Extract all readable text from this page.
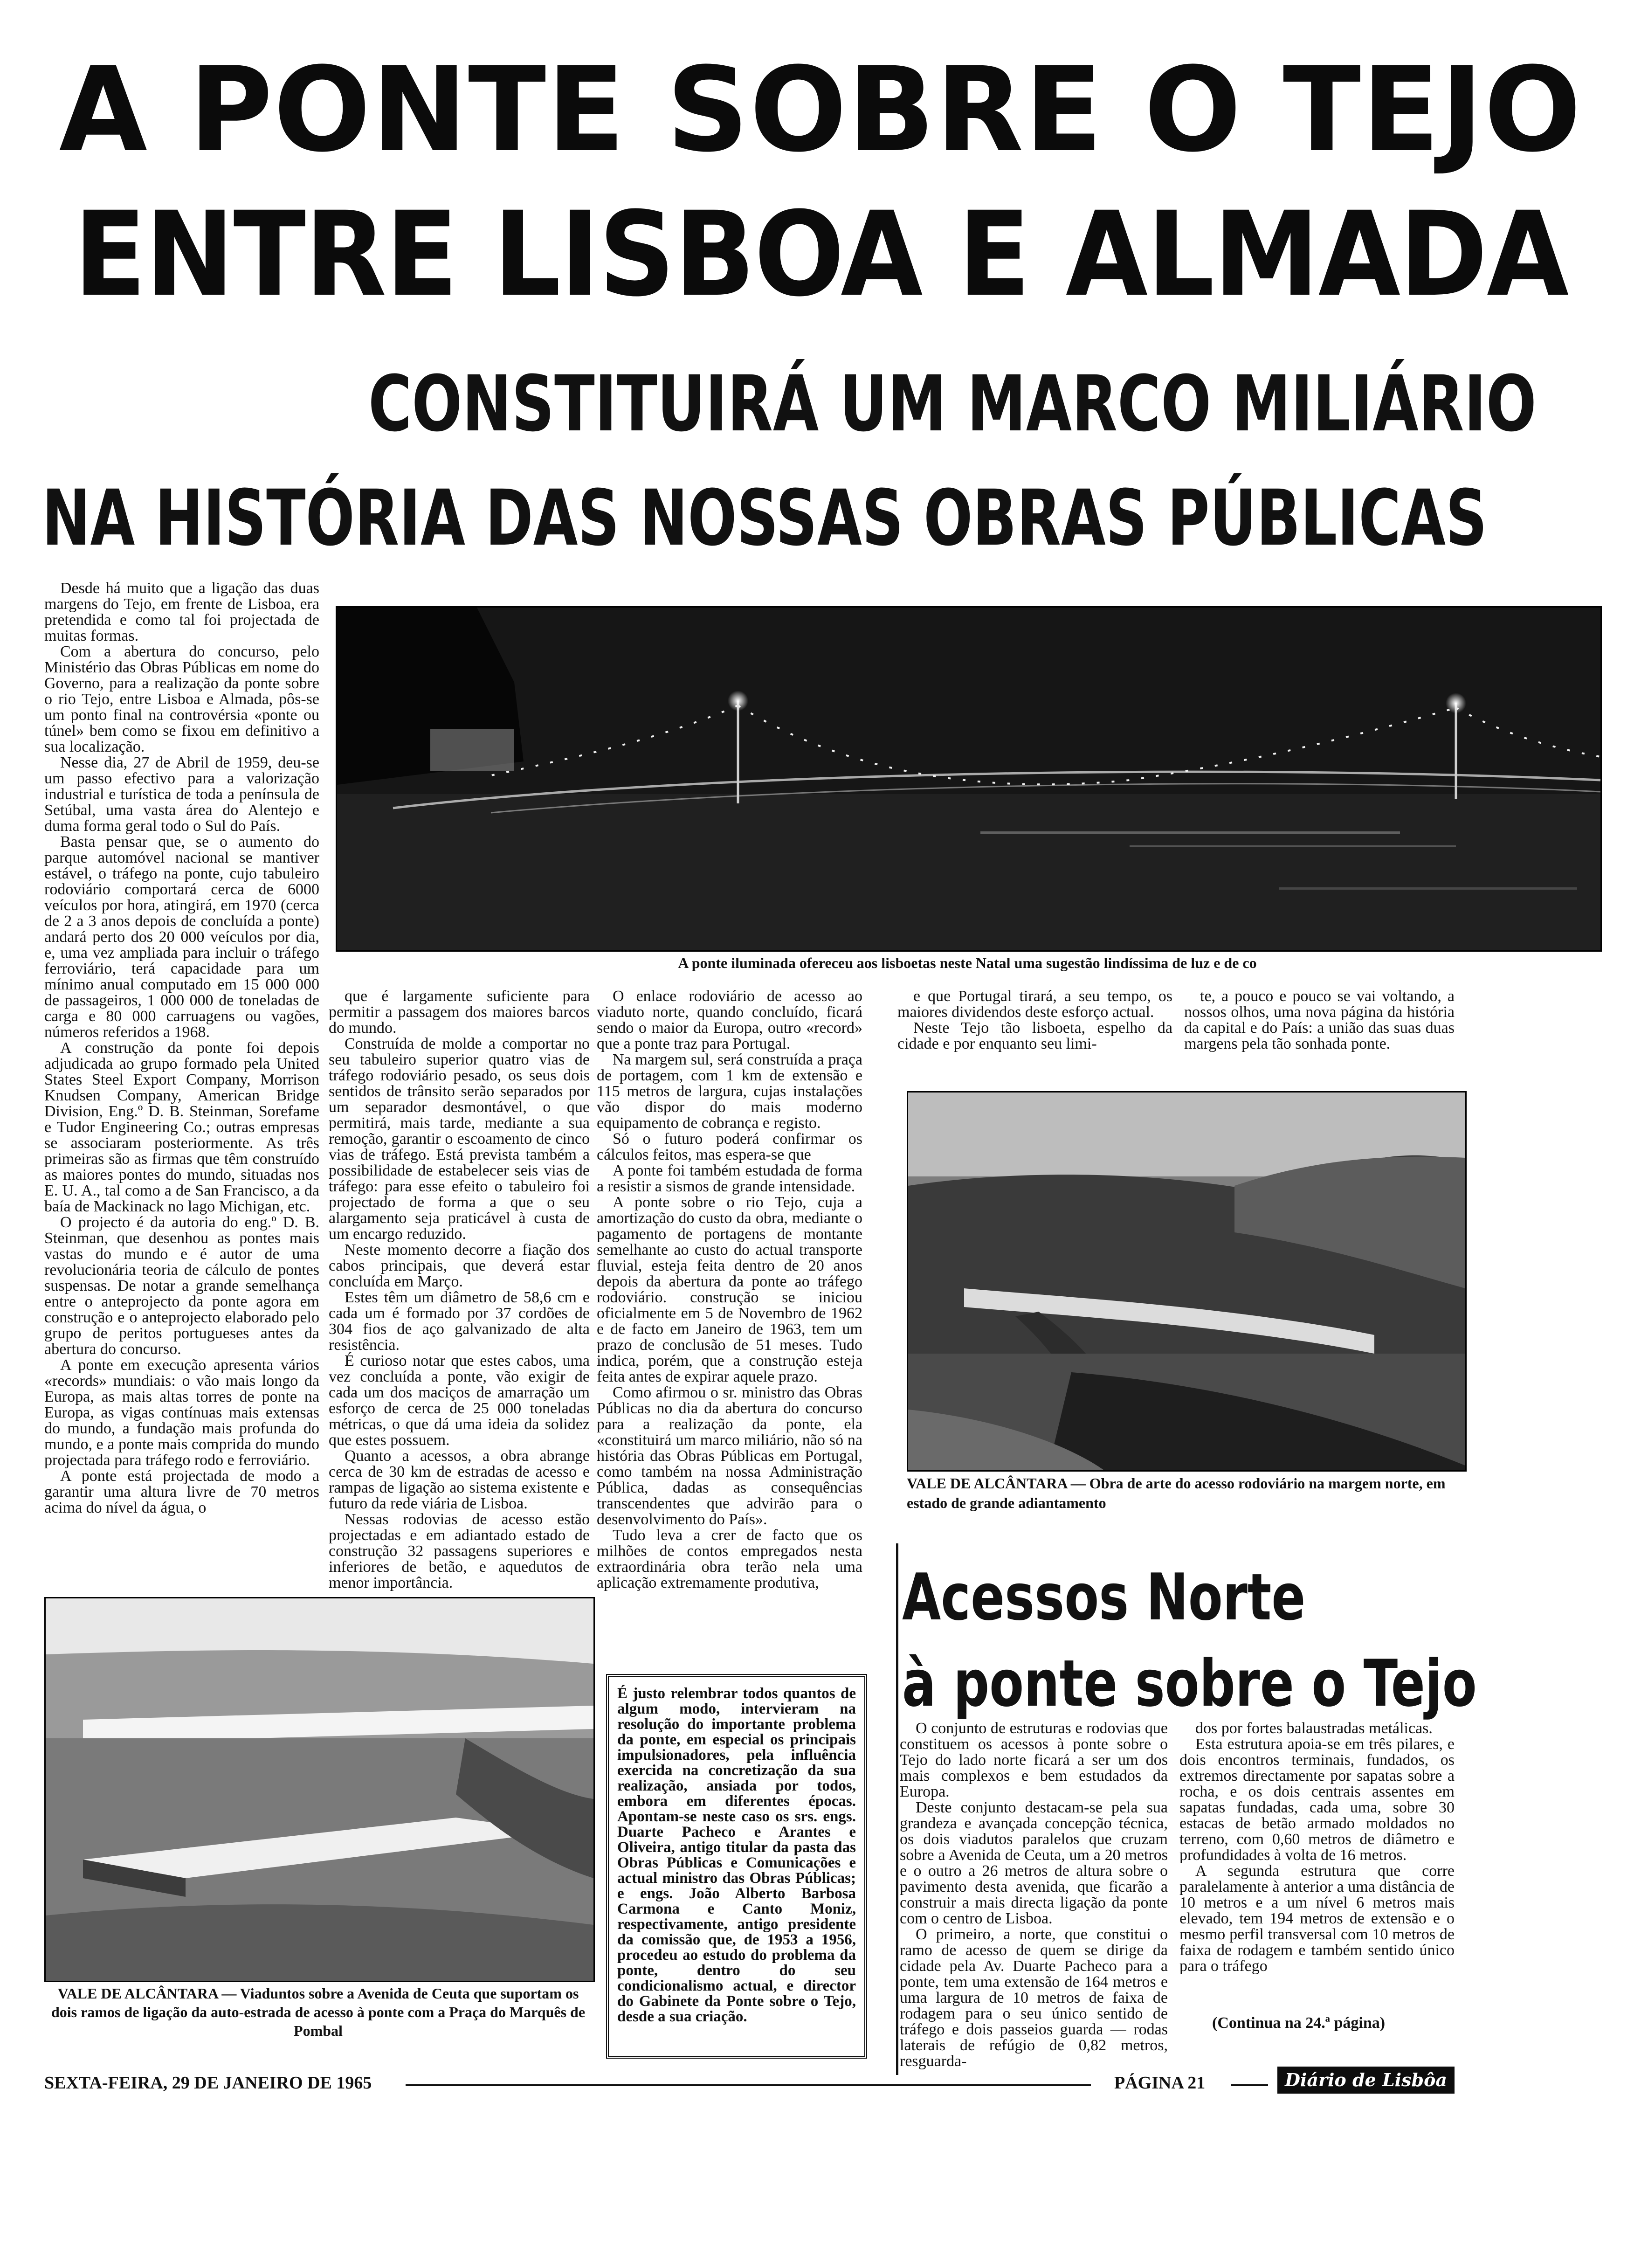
A PONTE SOBRE O TEJO
ENTRE LISBOA E ALMADA
CONSTITUIRÁ UM MARCO MILIÁRIO
NA HISTÓRIA DAS NOSSAS OBRAS PÚBLICAS

Desde há muito que a ligação das duas margens do Tejo, em frente de Lisboa, era pretendida e como tal foi projectada de muitas formas.

Com a abertura do concurso, pelo Ministério das Obras Públicas em nome do Governo, para a realização da ponte sobre o rio Tejo, entre Lisboa e Almada, pôs-se um ponto final na controvérsia «ponte ou túnel» bem como se fixou em definitivo a sua localização.

Nesse dia, 27 de Abril de 1959, deu-se um passo efectivo para a valorização industrial e turística de toda a península de Setúbal, uma vasta área do Alentejo e duma forma geral todo o Sul do País.

Basta pensar que, se o aumento do parque automóvel nacional se mantiver estável, o tráfego na ponte, cujo tabuleiro rodoviário comportará cerca de 6000 veículos por hora, atingirá, em 1970 (cerca de 2 a 3 anos depois de concluída a ponte) andará perto dos 20 000 veículos por dia, e, uma vez ampliada para incluir o tráfego ferroviário, terá capacidade para um mínimo anual computado em 15 000 000 de passageiros, 1 000 000 de toneladas de carga e 80 000 carruagens ou vagões, números referidos a 1968.

A construção da ponte foi depois adjudicada ao grupo formado pela United States Steel Export Company, Morrison Knudsen Company, American Bridge Division, Eng.º D. B. Steinman, Sorefame e Tudor Engineering Co.; outras empresas se associaram posteriormente. As três primeiras são as firmas que têm construído as maiores pontes do mundo, situadas nos E. U. A., tal como a de San Francisco, a da baía de Mackinack no lago Michigan, etc.

O projecto é da autoria do eng.º D. B. Steinman, que desenhou as pontes mais vastas do mundo e é autor de uma revolucionária teoria de cálculo de pontes suspensas. De notar a grande semelhança entre o anteprojecto da ponte agora em construção e o anteprojecto elaborado pelo grupo de peritos portugueses antes da abertura do concurso.

A ponte em execução apresenta vários «records» mundiais: o vão mais longo da Europa, as mais altas torres de ponte na Europa, as vigas contínuas mais extensas do mundo, a fundação mais profunda do mundo, e a ponte mais comprida do mundo projectada para tráfego rodo e ferroviário.

A ponte está projectada de modo a garantir uma altura livre de 70 metros acima do nível da água, o

A ponte iluminada ofereceu aos lisboetas neste Natal uma sugestão lindíssima de luz e de co

que é largamente suficiente para permitir a passagem dos maiores barcos do mundo.

Construída de molde a comportar no seu tabuleiro superior quatro vias de tráfego rodoviário pesado, os seus dois sentidos de trânsito serão separados por um separador desmontável, o que permitirá, mais tarde, mediante a sua remoção, garantir o escoamento de cinco vias de tráfego. Está prevista também a possibilidade de estabelecer seis vias de tráfego: para esse efeito o tabuleiro foi projectado de forma a que o seu alargamento seja praticável à custa de um encargo reduzido.

Neste momento decorre a fiação dos cabos principais, que deverá estar concluída em Março.

Estes têm um diâmetro de 58,6 cm e cada um é formado por 37 cordões de 304 fios de aço galvanizado de alta resistência.

É curioso notar que estes cabos, uma vez concluída a ponte, vão exigir de cada um dos maciços de amarração um esforço de cerca de 25 000 toneladas métricas, o que dá uma ideia da solidez que estes possuem.

Quanto a acessos, a obra abrange cerca de 30 km de estradas de acesso e rampas de ligação ao sistema existente e futuro da rede viária de Lisboa.

Nessas rodovias de acesso estão projectadas e em adiantado estado de construção 32 passagens superiores e inferiores de betão, e aquedutos de menor importância.

O enlace rodoviário de acesso ao viaduto norte, quando concluído, ficará sendo o maior da Europa, outro «record» que a ponte traz para Portugal.

Na margem sul, será construída a praça de portagem, com 1 km de extensão e 115 metros de largura, cujas instalações vão dispor do mais moderno equipamento de cobrança e registo.

Só o futuro poderá confirmar os cálculos feitos, mas espera-se que

A ponte foi também estudada de forma a resistir a sismos de grande intensidade.

A ponte sobre o rio Tejo, cuja a amortização do custo da obra, mediante o pagamento de portagens de montante semelhante ao custo do actual transporte fluvial, esteja feita dentro de 20 anos depois da abertura da ponte ao tráfego rodoviário. construção se iniciou oficialmente em 5 de Novembro de 1962 e de facto em Janeiro de 1963, tem um prazo de conclusão de 51 meses. Tudo indica, porém, que a construção esteja feita antes de expirar aquele prazo.

Como afirmou o sr. ministro das Obras Públicas no dia da abertura do concurso para a realização da ponte, ela «constituirá um marco miliário, não só na história das Obras Públicas em Portugal, como também na nossa Administração Pública, dadas as consequências transcendentes que advirão para o desenvolvimento do País».

Tudo leva a crer de facto que os milhões de contos empregados nesta extraordinária obra terão nela uma aplicação extremamente produtiva,

e que Portugal tirará, a seu tempo, os maiores dividendos deste esforço actual.

Neste Tejo tão lisboeta, espelho da cidade e por enquanto seu limi-

te, a pouco e pouco se vai voltando, a nossos olhos, uma nova página da história da capital e do País: a união das suas duas margens pela tão sonhada ponte.

VALE DE ALCÂNTARA — Obra de arte do acesso rodoviário na margem norte, em estado de grande adiantamento
Acessos Norte
à ponte sobre o Tejo

O conjunto de estruturas e rodovias que constituem os acessos à ponte sobre o Tejo do lado norte ficará a ser um dos mais complexos e bem estudados da Europa.

Deste conjunto destacam-se pela sua grandeza e avançada concepção técnica, os dois viadutos paralelos que cruzam sobre a Avenida de Ceuta, um a 20 metros e o outro a 26 metros de altura sobre o pavimento desta avenida, que ficarão a construir a mais directa ligação da ponte com o centro de Lisboa.

O primeiro, a norte, que constitui o ramo de acesso de quem se dirige da cidade pela Av. Duarte Pacheco para a ponte, tem uma extensão de 164 metros e uma largura de 10 metros de faixa de rodagem para o seu único sentido de tráfego e dois passeios guarda — rodas laterais de refúgio de 0,82 metros, resguarda-

dos por fortes balaustradas metálicas.

Esta estrutura apoia-se em três pilares, e dois encontros terminais, fundados, os extremos directamente por sapatas sobre a rocha, e os dois centrais assentes em sapatas fundadas, cada uma, sobre 30 estacas de betão armado moldados no terreno, com 0,60 metros de diâmetro e profundidades à volta de 16 metros.

A segunda estrutura que corre paralelamente à anterior a uma distância de 10 metros e a um nível 6 metros mais elevado, tem 194 metros de extensão e o mesmo perfil transversal com 10 metros de faixa de rodagem e também sentido único para o tráfego

(Continua na 24.ª página)
É justo relembrar todos quantos de algum modo, intervieram na resolução do importante problema da ponte, em especial os principais impulsionadores, pela influência exercida na concretização da sua realização, ansiada por todos, embora em diferentes épocas. Apontam-se neste caso os srs. engs. Duarte Pacheco e Arantes e Oliveira, antigo titular da pasta das Obras Públicas e Comunicações e actual ministro das Obras Públicas; e engs. João Alberto Barbosa Carmona e Canto Moniz, respectivamente, antigo presidente da comissão que, de 1953 a 1956, procedeu ao estudo do problema da ponte, dentro do seu condicionalismo actual, e director do Gabinete da Ponte sobre o Tejo, desde a sua criação.
VALE DE ALCÂNTARA — Viaduntos sobre a Avenida de Ceuta que suportam os dois ramos de ligação da auto-estrada de acesso à ponte com a Praça do Marquês de Pombal
SEXTA-FEIRA, 29 DE JANEIRO DE 1965	PÁGINA 21	Diário de Lisbôa
